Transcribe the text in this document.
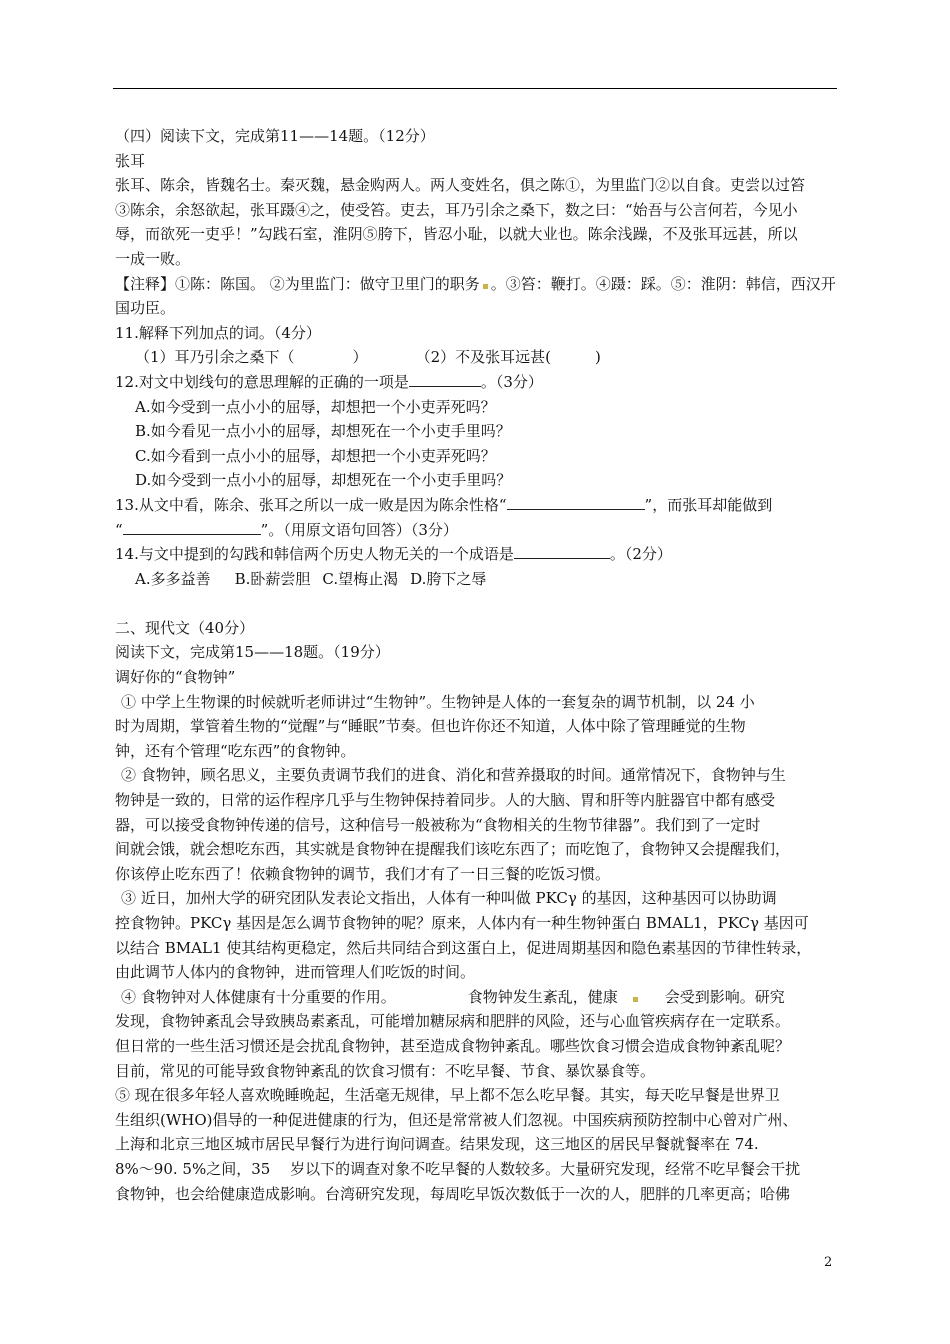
（四）阅读下文，完成第11——14题。（12分）
张耳
张耳、陈余，皆魏名士。秦灭魏，悬金购两人。两人变姓名，俱之陈①，为里监门②以自食。吏尝以过笞
③陈余，余怒欲起，张耳蹑④之，使受笞。吏去，耳乃引余之桑下，数之曰：“始吾与公言何若，今见小
辱，而欲死一吏乎！”勾践石室，淮阴⑤胯下，皆忍小耻，以就大业也。陈余浅躁，不及张耳远甚，所以
一成一败。
【注释】①陈：陈国。 ②为里监门：做守卫里门的职务 。③笞：鞭打。④蹑：踩。⑤：淮阴：韩信，西汉开
国功臣。
11.解释下列加点的词。（4分）
（1）耳乃引余之桑下（	）	（2）不及张耳远甚(	)
12.对文中划线句的意思理解的正确的一项是	。（3分）
A.如今受到一点小小的屈辱，却想把一个小吏弄死吗？
B.如今看见一点小小的屈辱，却想死在一个小吏手里吗？
C.如今看到一点小小的屈辱，却想把一个小吏弄死吗？
D.如今受到一点小小的屈辱，却想死在一个小吏手里吗？
13.从文中看，陈余、张耳之所以一成一败是因为陈余性格“	”，而张耳却能做到
“	”。（用原文语句回答）（3分）
14.与文中提到的勾践和韩信两个历史人物无关的一个成语是	。（2分）
A.多多益善 B.卧薪尝胆 C.望梅止渴 D.胯下之辱
二、现代文（40分）
阅读下文，完成第15——18题。（19分）
调好你的“食物钟”
① 中学上生物课的时候就听老师讲过“生物钟”。生物钟是人体的一套复杂的调节机制，以 24 小
时为周期，掌管着生物的“觉醒”与“睡眠”节奏。但也许你还不知道，人体中除了管理睡觉的生物
钟，还有个管理“吃东西”的食物钟。
② 食物钟，顾名思义，主要负责调节我们的进食、消化和营养摄取的时间。通常情况下，食物钟与生
物钟是一致的，日常的运作程序几乎与生物钟保持着同步。人的大脑、胃和肝等内脏器官中都有感受
器，可以接受食物钟传递的信号，这种信号一般被称为“食物相关的生物节律器”。我们到了一定时
间就会饿，就会想吃东西，其实就是食物钟在提醒我们该吃东西了；而吃饱了，食物钟又会提醒我们，
你该停止吃东西了！依赖食物钟的调节，我们才有了一日三餐的吃饭习惯。
③ 近日，加州大学的研究团队发表论文指出，人体有一种叫做 PKCγ 的基因，这种基因可以协助调
控食物钟。PKCγ 基因是怎么调节食物钟的呢？原来，人体内有一种生物钟蛋白 BMAL1，PKCγ 基因可
以结合 BMAL1 使其结构更稳定，然后共同结合到这蛋白上，促进周期基因和隐色素基因的节律性转录，
由此调节人体内的食物钟，进而管理人们吃饭的时间。
④ 食物钟对人体健康有十分重要的作用。	食物钟发生紊乱，健康	会受到影响。研究
发现，食物钟紊乱会导致胰岛素紊乱，可能增加糖尿病和肥胖的风险，还与心血管疾病存在一定联系。
但日常的一些生活习惯还是会扰乱食物钟，甚至造成食物钟紊乱。哪些饮食习惯会造成食物钟紊乱呢？
目前，常见的可能导致食物钟紊乱的饮食习惯有：不吃早餐、节食、暴饮暴食等。
⑤ 现在很多年轻人喜欢晚睡晚起，生活毫无规律，早上都不怎么吃早餐。其实，每天吃早餐是世界卫
生组织(WHO)倡导的一种促进健康的行为，但还是常常被人们忽视。中国疾病预防控制中心曾对广州、
上海和北京三地区城市居民早餐行为进行询问调查。结果发现，这三地区的居民早餐就餐率在 74.
8%～90. 5%之间，35　 岁以下的调查对象不吃早餐的人数较多。大量研究发现，经常不吃早餐会干扰
食物钟，也会给健康造成影响。台湾研究发现，每周吃早饭次数低于一次的人，肥胖的几率更高；哈佛
2
